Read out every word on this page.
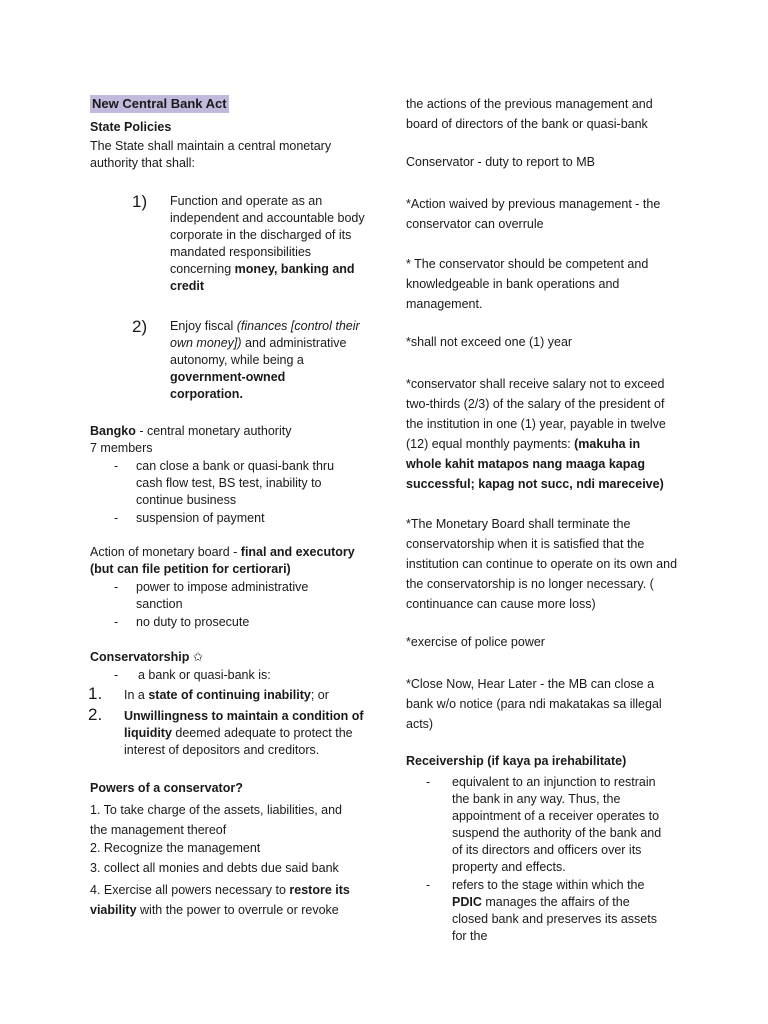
New Central Bank Act
State Policies
The State shall maintain a central monetary authority that shall:
1) Function and operate as an independent and accountable body corporate in the discharged of its mandated responsibilities concerning money, banking and credit
2) Enjoy fiscal (finances [control their own money]) and administrative autonomy, while being a government-owned corporation.
Bangko - central monetary authority
7 members
- can close a bank or quasi-bank thru cash flow test, BS test, inability to continue business
- suspension of payment
Action of monetary board - final and executory (but can file petition for certiorari)
- power to impose administrative sanction
- no duty to prosecute
Conservatorship ✩
- a bank or quasi-bank is:
1. In a state of continuing inability; or
2. Unwillingness to maintain a condition of liquidity deemed adequate to protect the interest of depositors and creditors.
Powers of a conservator?
1. To take charge of the assets, liabilities, and the management thereof
2. Recognize the management
3. collect all monies and debts due said bank
4. Exercise all powers necessary to restore its viability with the power to overrule or revoke
the actions of the previous management and board of directors of the bank or quasi-bank
Conservator - duty to report to MB
*Action waived by previous management - the conservator can overrule
* The conservator should be competent and knowledgeable in bank operations and management.
*shall not exceed one (1) year
*conservator shall receive salary not to exceed two-thirds (2/3) of the salary of the president of the institution in one (1) year, payable in twelve (12) equal monthly payments: (makuha in whole kahit matapos nang maaga kapag successful; kapag not succ, ndi mareceive)
*The Monetary Board shall terminate the conservatorship when it is satisfied that the institution can continue to operate on its own and the conservatorship is no longer necessary. ( continuance can cause more loss)
*exercise of police power
*Close Now, Hear Later - the MB can close a bank w/o notice (para ndi makatakas sa illegal acts)
Receivership (if kaya pa irehabilitate)
- equivalent to an injunction to restrain the bank in any way. Thus, the appointment of a receiver operates to suspend the authority of the bank and of its directors and officers over its property and effects.
- refers to the stage within which the PDIC manages the affairs of the closed bank and preserves its assets for the
